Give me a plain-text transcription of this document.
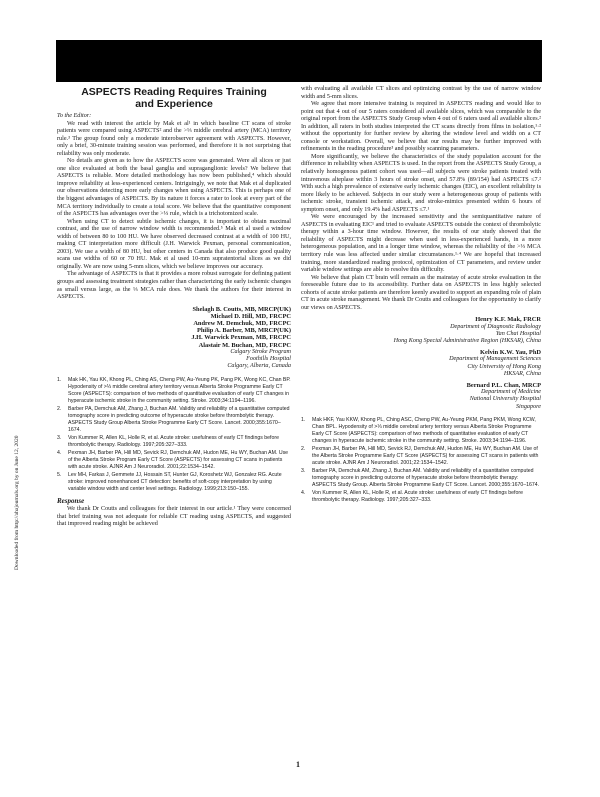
Downloaded from http://ahajournals.org by on June 12, 2020
ASPECTS Reading Requires Training
and Experience

To the Editor:

We read with interest the article by Mak et al¹ in which baseline CT scans of stroke patients were compared using ASPECTS² and the >⅓ middle cerebral artery (MCA) territory rule.³ The group found only a moderate interobserver agreement with ASPECTS. However, only a brief, 30-minute training session was performed, and therefore it is not surprising that reliability was only moderate.

No details are given as to how the ASPECTS score was generated. Were all slices or just one slice evaluated at both the basal ganglia and supraganglionic levels? We believe that ASPECTS is reliable. More detailed methodology has now been published,⁴ which should improve reliability at less-experienced centers. Intriguingly, we note that Mak et al duplicated our observations detecting more early changes when using ASPECTS. This is perhaps one of the biggest advantages of ASPECTS. By its nature it forces a rater to look at every part of the MCA territory individually to create a total score. We believe that the quantitative component of the ASPECTS has advantages over the >⅓ rule, which is a trichotomized scale.

When using CT to detect subtle ischemic changes, it is important to obtain maximal contrast, and the use of narrow window width is recommended.⁵ Mak et al used a window width of between 80 to 100 HU. We have observed decreased contrast at a width of 100 HU, making CT interpretation more difficult (J.H. Warwick Pexman, personal communication, 2003). We use a width of 80 HU, but other centers in Canada that also produce good quality scans use widths of 60 or 70 HU. Mak et al used 10-mm supratentorial slices as we did originally. We are now using 5-mm slices, which we believe improves our accuracy.

The advantage of ASPECTS is that it provides a more robust surrogate for defining patient groups and assessing treatment strategies rather than characterizing the early ischemic changes as small versus large, as the ⅓ MCA rule does. We thank the authors for their interest in ASPECTS.

Shelagh B. Coutts, MB, MRCP(UK)
Michael D. Hill, MD, FRCPC
Andrew M. Demchuk, MD, FRCPC
Philip A. Barber, MB, MRCP(UK)
J.H. Warwick Pexman, MB, FRCPC
Alastair M. Buchan, MD, FRCPC
Calgary Stroke Program
Foothills Hospital
Calgary, Alberta, Canada
1. Mak HK, Yau KK, Khong PL, Ching AS, Cheng PW, Au-Yeung PK, Pang PK, Wong KC, Chan BP. Hypodensity of >⅓ middle cerebral artery territory versus Alberta Stroke Programme Early CT Score (ASPECTS): comparison of two methods of quantitative evaluation of early CT changes in hyperacute ischemic stroke in the community setting. Stroke. 2003;34:1194–1196.
2. Barber PA, Demchuk AM, Zhang J, Buchan AM. Validity and reliability of a quantitative computed tomography score in predicting outcome of hyperacute stroke before thrombolytic therapy. ASPECTS Study Group Alberta Stroke Programme Early CT Score. Lancet. 2000;355:1670–1674.
3. Von Kummer R, Allen KL, Holle R, et al. Acute stroke: usefulness of early CT findings before thrombolytic therapy. Radiology. 1997;205:327–333.
4. Pexman JH, Barber PA, Hill MD, Sevick RJ, Demchuk AM, Hudon ME, Hu WY, Buchan AM. Use of the Alberta Stroke Program Early CT Score (ASPECTS) for assessing CT scans in patients with acute stroke. AJNR Am J Neuroradiol. 2001;22:1534–1542.
5. Lev MH, Farkas J, Gemmete JJ, Hossain ST, Hunter GJ, Koroshetz WJ, Gonzalez RG. Acute stroke: improved nonenhanced CT detection: benefits of soft-copy interpretation by using variable window width and center level settings. Radiology. 1999;213:150–155.
Response

We thank Dr Coutts and colleagues for their interest in our article.¹ They were concerned that brief training was not adequate for reliable CT reading using ASPECTS, and suggested that improved reading might be achieved

with evaluating all available CT slices and optimizing contrast by the use of narrow window width and 5-mm slices.

We agree that more intensive training is required in ASPECTS reading and would like to point out that 4 out of our 5 raters considered all available slices, which was comparable to the original report from the ASPECTS Study Group when 4 out of 6 raters used all available slices.² In addition, all raters in both studies interpreted the CT scans directly from films in isolation,¹·² without the opportunity for further review by altering the window level and width on a CT console or workstation. Overall, we believe that our results may be further improved with refinements in the reading procedure³ and possibly scanning parameters.

More significantly, we believe the characteristics of the study population account for the difference in reliability when ASPECTS is used. In the report from the ASPECTS Study Group, a relatively homogenous patient cohort was used—all subjects were stroke patients treated with intravenous alteplase within 3 hours of stroke onset, and 57.8% (89/154) had ASPECTS ≤7.² With such a high prevalence of extensive early ischemic changes (EIC), an excellent reliability is more likely to be achieved. Subjects in our study were a heterogeneous group of patients with ischemic stroke, transient ischemic attack, and stroke-mimics presented within 6 hours of symptom onset, and only 19.4% had ASPECTS ≤7.¹

We were encouraged by the increased sensitivity and the semiquantitative nature of ASPECTS in evaluating EIC¹ and tried to evaluate ASPECTS outside the context of thrombolytic therapy within a 3-hour time window. However, the results of our study showed that the reliability of ASPECTS might decrease when used in less-experienced hands, in a more heterogeneous population, and in a longer time window, whereas the reliability of the >⅓ MCA territory rule was less affected under similar circumstances.¹·⁴ We are hopeful that increased training, more standardized reading protocol, optimization of CT parameters, and review under variable window settings are able to resolve this difficulty.

We believe that plain CT brain will remain as the mainstay of acute stroke evaluation in the foreseeable future due to its accessibility. Further data on ASPECTS in less highly selected cohorts of acute stroke patients are therefore keenly awaited to support an expanding role of plain CT in acute stroke management. We thank Dr Coutts and colleagues for the opportunity to clarify our views on ASPECTS.

Henry K.F. Mak, FRCR
Department of Diagnostic Radiology
Yan Chai Hospital
Hong Kong Special Administrative Region (HKSAR), China
Kelvin K.W. Yau, PhD
Department of Management Sciences
City University of Hong Kong
HKSAR, China
Bernard P.L. Chan, MRCP
Department of Medicine
National University Hospital
Singapore
1. Mak HKF, Yau KKW, Khong PL, Ching ASC, Cheng PW, Au-Yeung PKM, Pang PKM, Wong KCW, Chan BPL. Hypodensity of >⅓ middle cerebral artery territory versus Alberta Stroke Programme Early CT Score (ASPECTS): comparison of two methods of quantitative evaluation of early CT changes in hyperacute ischemic stroke in the community setting. Stroke. 2003;34:1194–1196.
2. Pexman JH, Barber PA, Hill MD, Sevick RJ, Demchuk AM, Hudon ME, Hu WY, Buchan AM. Use of the Alberta Stroke Programme Early CT Score (ASPECTS) for assessing CT scans in patients with acute stroke. AJNR Am J Neuroradiol. 2001;22:1534–1542.
3. Barber PA, Demchuk AM, Zhang J, Buchan AM. Validity and reliability of a quantitative computed tomography score in predicting outcome of hyperacute stroke before thrombolytic therapy: ASPECTS Study Group. Alberta Stroke Programme Early CT Score. Lancet. 2000;355:1670–1674.
4. Von Kummer R, Allen KL, Holle R, et al. Acute stroke: usefulness of early CT findings before thrombolytic therapy. Radiology. 1997;205:327–333.
1
